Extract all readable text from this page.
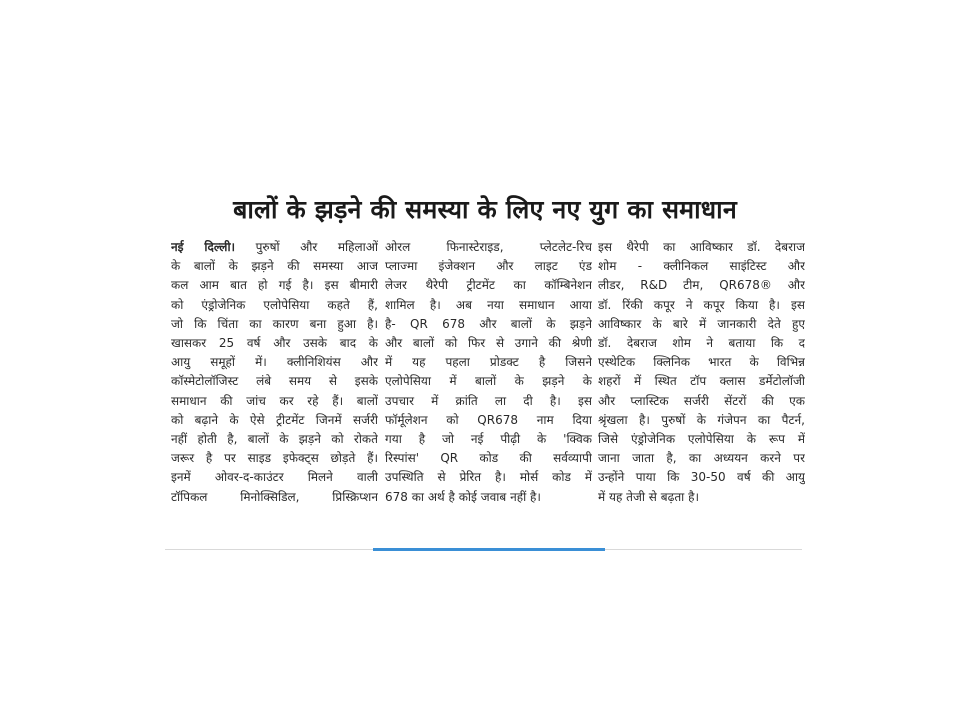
बालों के झड़ने की समस्या के लिए नए युग का समाधान
नई दिल्ली। पुरुषों और महिलाओं
के बालों के झड़ने की समस्या आज
कल आम बात हो गई है। इस बीमारी
को एंड्रोजेनिक एलोपेसिया कहते हैं,
जो कि चिंता का कारण बना हुआ है।
खासकर 25 वर्ष और उसके बाद के
आयु समूहों में। क्लीनिशियंस और
कॉस्मेटोलॉजिस्ट लंबे समय से इसके
समाधान की जांच कर रहे हैं। बालों
को बढ़ाने के ऐसे ट्रीटमेंट जिनमें सर्जरी
नहीं होती है, बालों के झड़ने को रोकते
जरूर है पर साइड इफेक्ट्स छोड़ते हैं।
इनमें ओवर-द-काउंटर मिलने वाली
टॉपिकल मिनोक्सिडिल, प्रिस्क्रिप्शन
ओरल फिनास्टेराइड, प्लेटलेट-रिच
प्लाज्मा इंजेक्शन और लाइट एंड
लेजर थैरेपी ट्रीटमेंट का कॉम्बिनेशन
शामिल है। अब नया समाधान आया
है- QR 678 और बालों के झड़ने
और बालों को फिर से उगाने की श्रेणी
में यह पहला प्रोडक्ट है जिसने
एलोपेसिया में बालों के झड़ने के
उपचार में क्रांति ला दी है। इस
फॉर्मूलेशन को QR678 नाम दिया
गया है जो नई पीढ़ी के 'क्विक
रिस्पांस' QR कोड की सर्वव्यापी
उपस्थिति से प्रेरित है। मोर्स कोड में
678 का अर्थ है कोई जवाब नहीं है।
इस थैरेपी का आविष्कार डॉ. देबराज
शोम - क्लीनिकल साइंटिस्ट और
लीडर, R&D टीम, QR678® और
डॉ. रिंकी कपूर ने कपूर किया है। इस
आविष्कार के बारे में जानकारी देते हुए
डॉ. देबराज शोम ने बताया कि द
एस्थेटिक क्लिनिक भारत के विभिन्न
शहरों में स्थित टॉप क्लास डर्मेटोलॉजी
और प्लास्टिक सर्जरी सेंटरों की एक
श्रृंखला है। पुरुषों के गंजेपन का पैटर्न,
जिसे एंड्रोजेनिक एलोपेसिया के रूप में
जाना जाता है, का अध्ययन करने पर
उन्होंने पाया कि 30-50 वर्ष की आयु
में यह तेजी से बढ़ता है।
